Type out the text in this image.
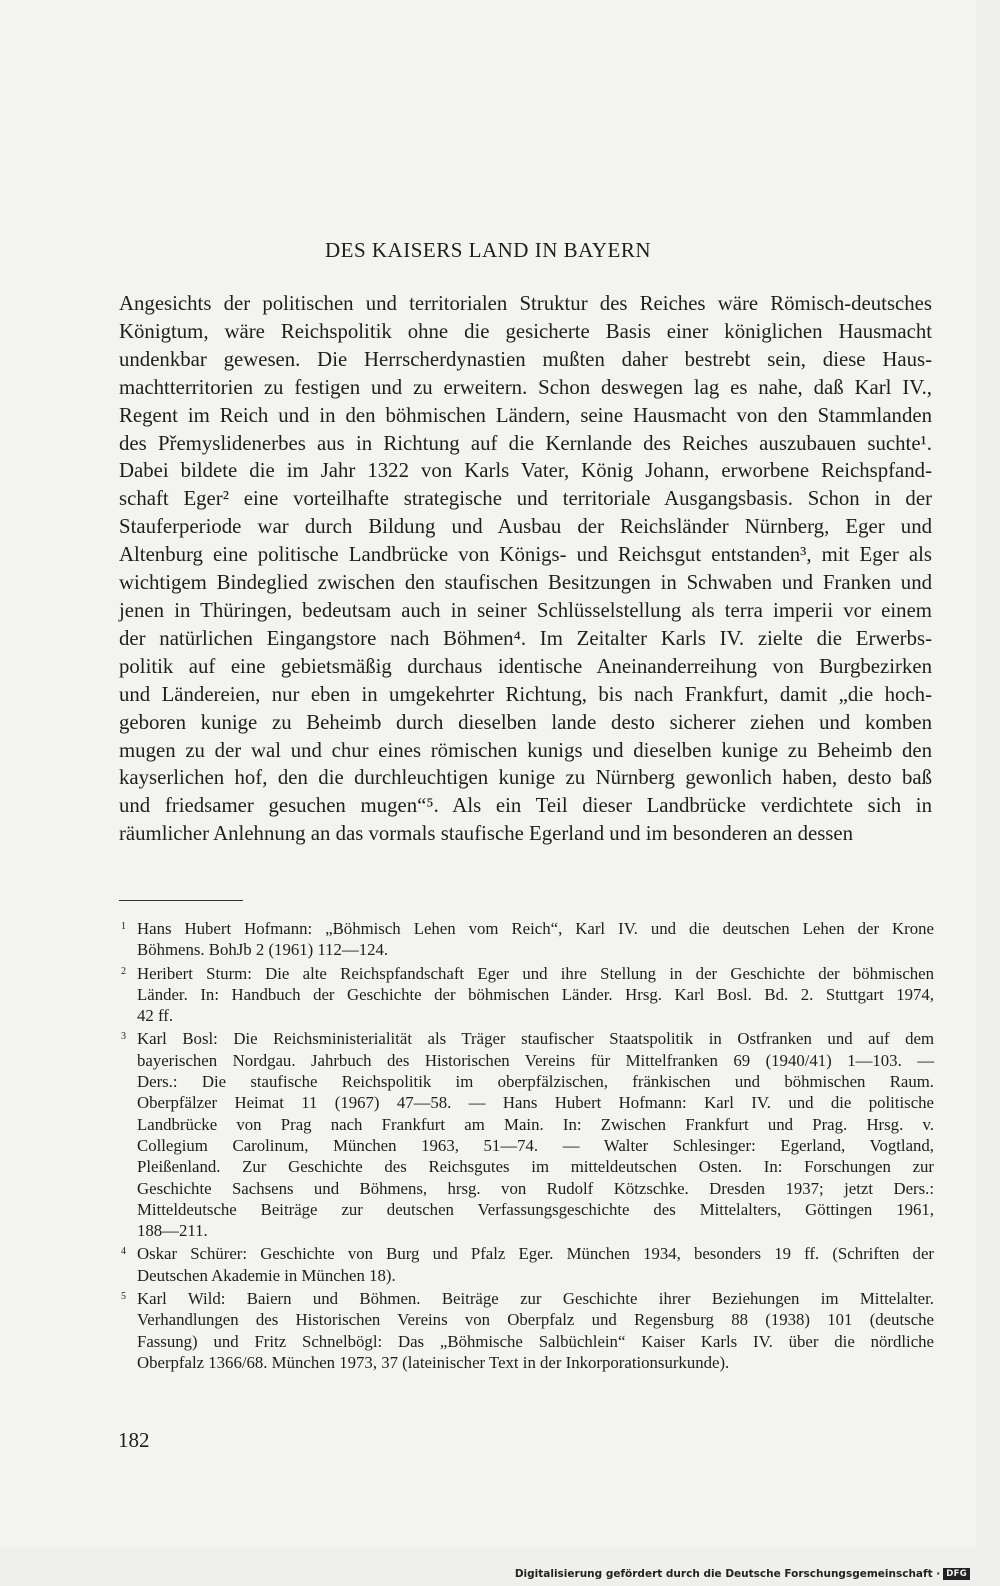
DES KAISERS LAND IN BAYERN
Angesichts der politischen und territorialen Struktur des Reiches wäre Römisch-deutsches
Königtum, wäre Reichspolitik ohne die gesicherte Basis einer königlichen Hausmacht
undenkbar gewesen. Die Herrscherdynastien mußten daher bestrebt sein, diese Haus-
machtterritorien zu festigen und zu erweitern. Schon deswegen lag es nahe, daß Karl IV.,
Regent im Reich und in den böhmischen Ländern, seine Hausmacht von den Stammlanden
des Přemyslidenerbes aus in Richtung auf die Kernlande des Reiches auszubauen suchte¹.
Dabei bildete die im Jahr 1322 von Karls Vater, König Johann, erworbene Reichspfand-
schaft Eger² eine vorteilhafte strategische und territoriale Ausgangsbasis. Schon in der
Stauferperiode war durch Bildung und Ausbau der Reichsländer Nürnberg, Eger und
Altenburg eine politische Landbrücke von Königs- und Reichsgut entstanden³, mit Eger als
wichtigem Bindeglied zwischen den staufischen Besitzungen in Schwaben und Franken und
jenen in Thüringen, bedeutsam auch in seiner Schlüsselstellung als terra imperii vor einem
der natürlichen Eingangstore nach Böhmen⁴. Im Zeitalter Karls IV. zielte die Erwerbs-
politik auf eine gebietsmäßig durchaus identische Aneinanderreihung von Burgbezirken
und Ländereien, nur eben in umgekehrter Richtung, bis nach Frankfurt, damit „die hoch-
geboren kunige zu Beheimb durch dieselben lande desto sicherer ziehen und komben
mugen zu der wal und chur eines römischen kunigs und dieselben kunige zu Beheimb den
kayserlichen hof, den die durchleuchtigen kunige zu Nürnberg gewonlich haben, desto baß
und friedsamer gesuchen mugen“⁵. Als ein Teil dieser Landbrücke verdichtete sich in
räumlicher Anlehnung an das vormals staufische Egerland und im besonderen an dessen
1 Hans Hubert Hofmann: „Böhmisch Lehen vom Reich“, Karl IV. und die deutschen Lehen der Krone
Böhmens. BohJb 2 (1961) 112—124.
2 Heribert Sturm: Die alte Reichspfandschaft Eger und ihre Stellung in der Geschichte der böhmischen
Länder. In: Handbuch der Geschichte der böhmischen Länder. Hrsg. Karl Bosl. Bd. 2. Stuttgart 1974,
42 ff.
3 Karl Bosl: Die Reichsministerialität als Träger staufischer Staatspolitik in Ostfranken und auf dem
bayerischen Nordgau. Jahrbuch des Historischen Vereins für Mittelfranken 69 (1940/41) 1—103. —
Ders.: Die staufische Reichspolitik im oberpfälzischen, fränkischen und böhmischen Raum.
Oberpfälzer Heimat 11 (1967) 47—58. — Hans Hubert Hofmann: Karl IV. und die politische
Landbrücke von Prag nach Frankfurt am Main. In: Zwischen Frankfurt und Prag. Hrsg. v.
Collegium Carolinum, München 1963, 51—74. — Walter Schlesinger: Egerland, Vogtland,
Pleißenland. Zur Geschichte des Reichsgutes im mitteldeutschen Osten. In: Forschungen zur
Geschichte Sachsens und Böhmens, hrsg. von Rudolf Kötzschke. Dresden 1937; jetzt Ders.:
Mitteldeutsche Beiträge zur deutschen Verfassungsgeschichte des Mittelalters, Göttingen 1961,
188—211.
4 Oskar Schürer: Geschichte von Burg und Pfalz Eger. München 1934, besonders 19 ff. (Schriften der
Deutschen Akademie in München 18).
5 Karl Wild: Baiern und Böhmen. Beiträge zur Geschichte ihrer Beziehungen im Mittelalter.
Verhandlungen des Historischen Vereins von Oberpfalz und Regensburg 88 (1938) 101 (deutsche
Fassung) und Fritz Schnelbögl: Das „Böhmische Salbüchlein“ Kaiser Karls IV. über die nördliche
Oberpfalz 1366/68. München 1973, 37 (lateinischer Text in der Inkorporationsurkunde).
182
Digitalisierung gefördert durch die Deutsche Forschungsgemeinschaft · DFG
